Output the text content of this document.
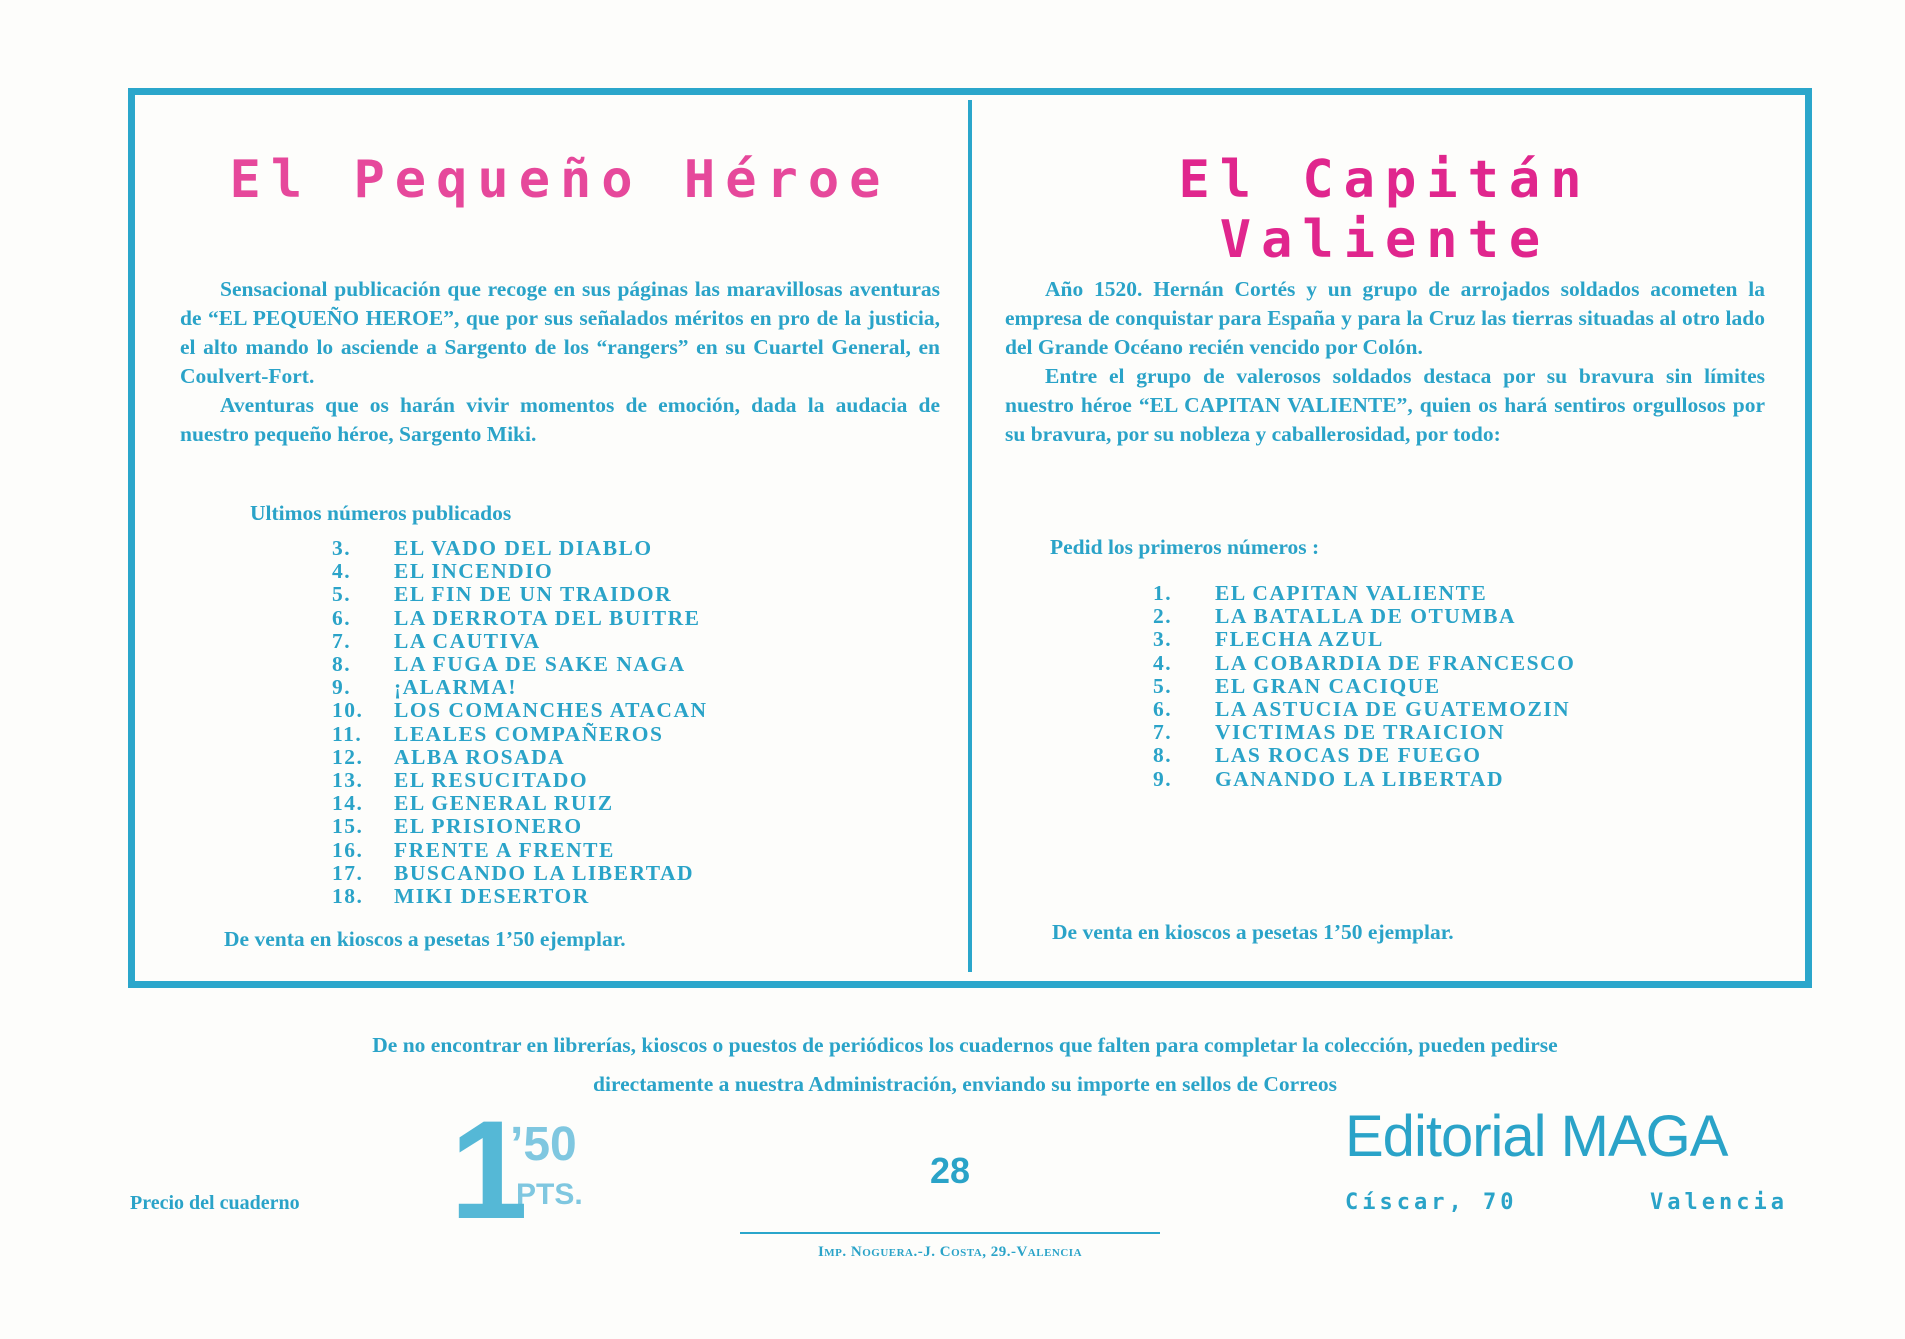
El Pequeño Héroe

Sensacional publicación que recoge en sus páginas las maravillosas aventuras de “EL PEQUEÑO HEROE”, que por sus señalados méritos en pro de la justicia, el alto mando lo asciende a Sargento de los “rangers” en su Cuartel General, en Coulvert-Fort.

Aventuras que os harán vivir momentos de emoción, dada la audacia de nuestro pequeño héroe, Sargento Miki.

Ultimos números publicados
3.	EL VADO DEL DIABLO
4.	EL INCENDIO
5.	EL FIN DE UN TRAIDOR
6.	LA DERROTA DEL BUITRE
7.	LA CAUTIVA
8.	LA FUGA DE SAKE NAGA
9.	¡ALARMA!
10.	LOS COMANCHES ATACAN
11.	LEALES COMPAÑEROS
12.	ALBA ROSADA
13.	EL RESUCITADO
14.	EL GENERAL RUIZ
15.	EL PRISIONERO
16.	FRENTE A FRENTE
17.	BUSCANDO LA LIBERTAD
18.	MIKI DESERTOR
De venta en kioscos a pesetas 1’50 ejemplar.
El Capitán Valiente

Año 1520. Hernán Cortés y un grupo de arrojados soldados acometen la empresa de conquistar para España y para la Cruz las tierras situadas al otro lado del Grande Océano recién vencido por Colón.

Entre el grupo de valerosos soldados destaca por su bravura sin límites nuestro héroe “EL CAPITAN VALIENTE”, quien os hará sentiros orgullosos por su bravura, por su nobleza y caballerosidad, por todo:

Pedid los primeros números :
1.	EL CAPITAN VALIENTE
2.	LA BATALLA DE OTUMBA
3.	FLECHA AZUL
4.	LA COBARDIA DE FRANCESCO
5.	EL GRAN CACIQUE
6.	LA ASTUCIA DE GUATEMOZIN
7.	VICTIMAS DE TRAICION
8.	LAS ROCAS DE FUEGO
9.	GANANDO LA LIBERTAD
De venta en kioscos a pesetas 1’50 ejemplar.
De no encontrar en librerías, kioscos o puestos de periódicos los cuadernos que falten para completar la colección, pueden pedirse
directamente a nuestra Administración, enviando su importe en sellos de Correos
Precio del cuaderno 1
’50
PTS.
28
Imp. Noguera.-J. Costa, 29.-Valencia
Editorial MAGA
Císcar, 70	Valencia
